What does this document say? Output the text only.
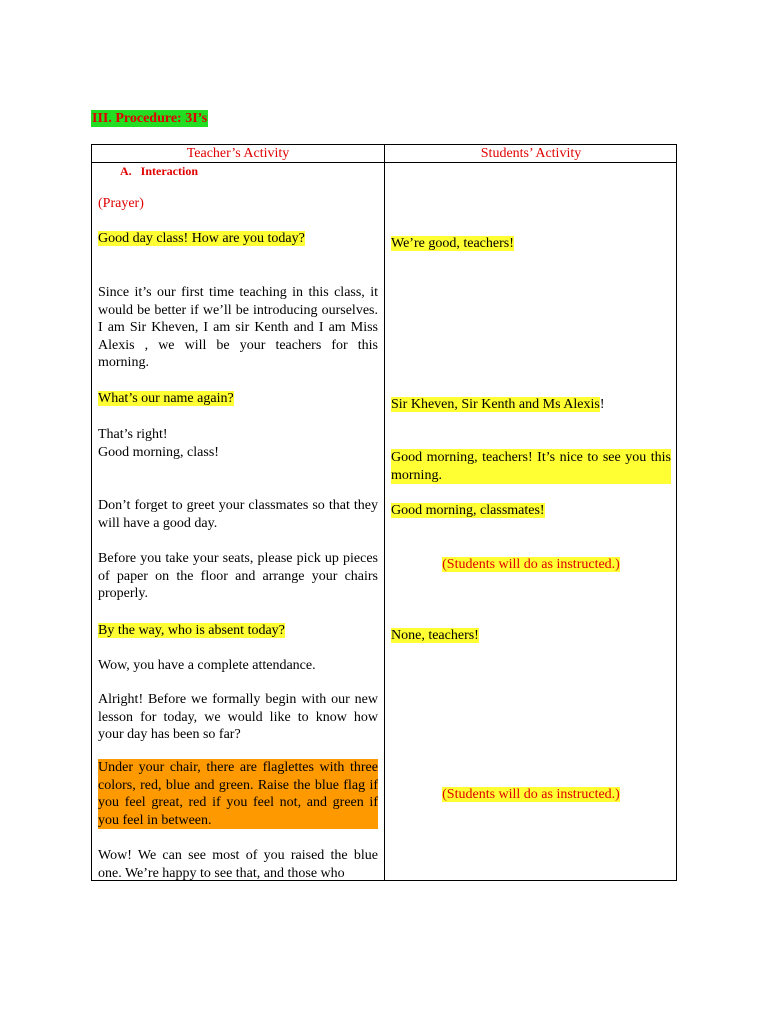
III. Procedure: 3I’s
Teacher’s Activity	Students’ Activity
A. Interaction
(Prayer)
Good day class! How are you today?
Since it’s our first time teaching in this class, it would be better if we’ll be introducing ourselves. I am Sir Kheven, I am sir Kenth and I am Miss Alexis , we will be your teachers for this morning.
What’s our name again?
That’s right!
Good morning, class!
Don’t forget to greet your classmates so that they will have a good day.
Before you take your seats, please pick up pieces of paper on the floor and arrange your chairs properly.
By the way, who is absent today?
Wow, you have a complete attendance.
Alright! Before we formally begin with our new lesson for today, we would like to know how your day has been so far?
Under your chair, there are flaglettes with three colors, red, blue and green. Raise the blue flag if you feel great, red if you feel not, and green if you feel in between.
Wow! We can see most of you raised the blue one. We’re happy to see that, and those who
We’re good, teachers!
Sir Kheven, Sir Kenth and Ms Alexis!
Good morning, teachers! It’s nice to see you this morning.
Good morning, classmates!
(Students will do as instructed.)
None, teachers!
(Students will do as instructed.)
